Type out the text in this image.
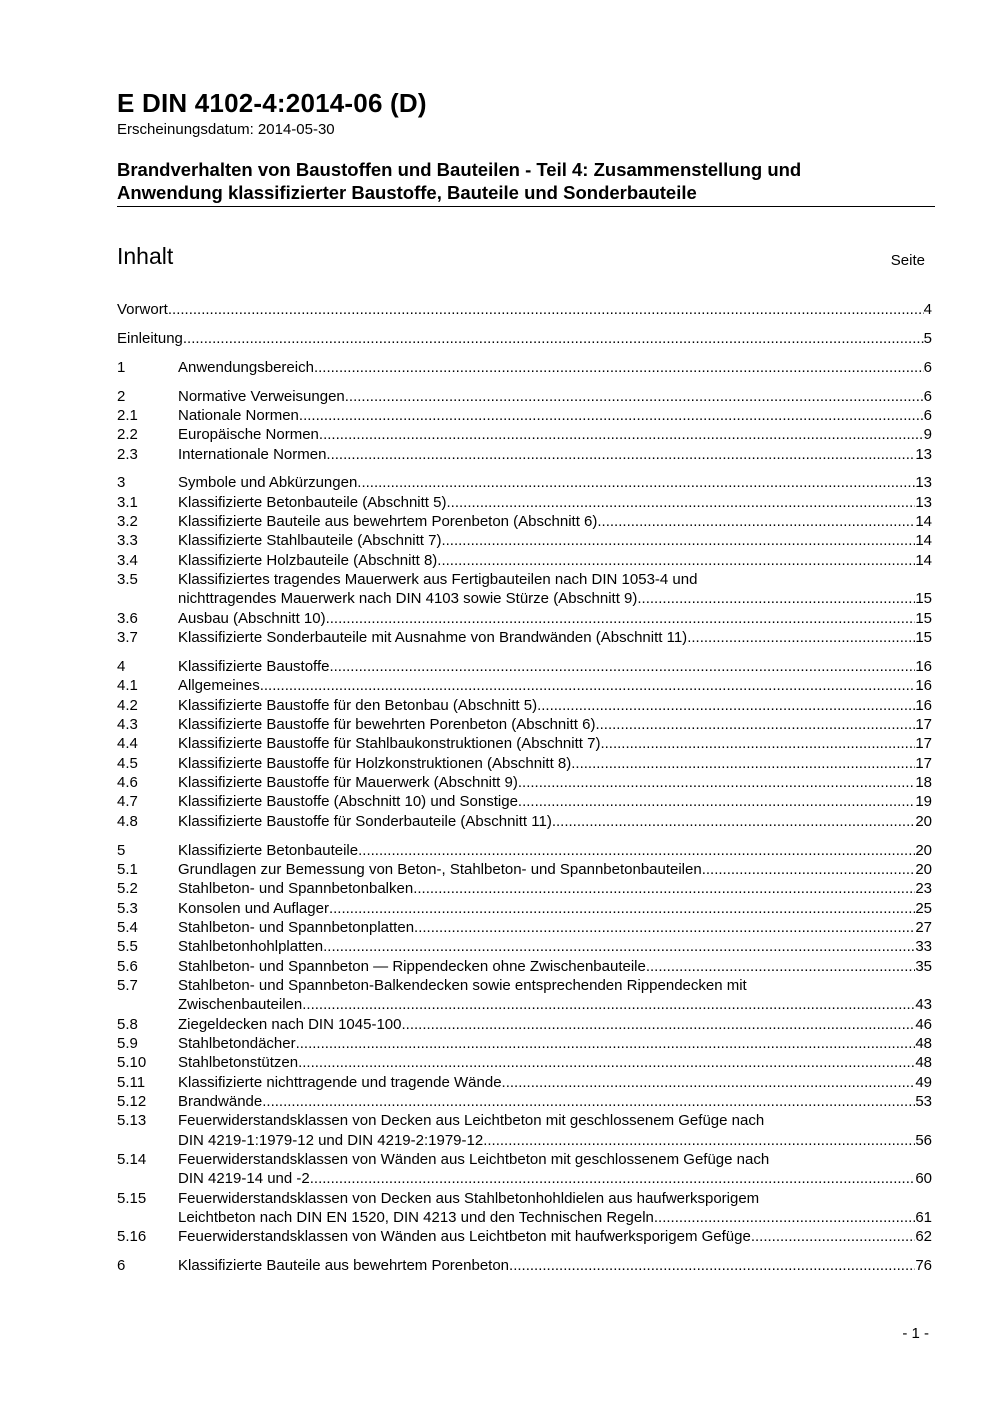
E DIN 4102-4:2014-06 (D)
Erscheinungsdatum: 2014-05-30
Brandverhalten von Baustoffen und Bauteilen - Teil 4: Zusammenstellung und
Anwendung klassifizierter Baustoffe, Bauteile und Sonderbauteile
Inhalt	Seite
Vorwort .....	4
Einleitung .....	5
1	Anwendungsbereich .....	6
2	Normative Verweisungen .....	6
2.1	Nationale Normen .....	6
2.2	Europäische Normen .....	9
2.3	Internationale Normen .....	13
3	Symbole und Abkürzungen .....	13
3.1	Klassifizierte Betonbauteile (Abschnitt 5) .....	13
3.2	Klassifizierte Bauteile aus bewehrtem Porenbeton (Abschnitt 6) .....	14
3.3	Klassifizierte Stahlbauteile (Abschnitt 7) .....	14
3.4	Klassifizierte Holzbauteile (Abschnitt 8) .....	14
3.5	Klassifiziertes tragendes Mauerwerk aus Fertigbauteilen nach DIN 1053-4 und
nichttragendes Mauerwerk nach DIN 4103 sowie Stürze (Abschnitt 9) .....	15
3.6	Ausbau (Abschnitt 10) .....	15
3.7	Klassifizierte Sonderbauteile mit Ausnahme von Brandwänden (Abschnitt 11) .....	15
4	Klassifizierte Baustoffe .....	16
4.1	Allgemeines .....	16
4.2	Klassifizierte Baustoffe für den Betonbau (Abschnitt 5) .....	16
4.3	Klassifizierte Baustoffe für bewehrten Porenbeton (Abschnitt 6) .....	17
4.4	Klassifizierte Baustoffe für Stahlbaukonstruktionen (Abschnitt 7) .....	17
4.5	Klassifizierte Baustoffe für Holzkonstruktionen (Abschnitt 8) .....	17
4.6	Klassifizierte Baustoffe für Mauerwerk (Abschnitt 9) .....	18
4.7	Klassifizierte Baustoffe (Abschnitt 10) und Sonstige .....	19
4.8	Klassifizierte Baustoffe für Sonderbauteile (Abschnitt 11) .....	20
5	Klassifizierte Betonbauteile .....	20
5.1	Grundlagen zur Bemessung von Beton-, Stahlbeton- und Spannbetonbauteilen .....	20
5.2	Stahlbeton- und Spannbetonbalken .....	23
5.3	Konsolen und Auflager .....	25
5.4	Stahlbeton- und Spannbetonplatten .....	27
5.5	Stahlbetonhohlplatten .....	33
5.6	Stahlbeton- und Spannbeton — Rippendecken ohne Zwischenbauteile .....	35
5.7	Stahlbeton- und Spannbeton-Balkendecken sowie entsprechenden Rippendecken mit
Zwischenbauteilen .....	43
5.8	Ziegeldecken nach DIN 1045-100 .....	46
5.9	Stahlbetondächer .....	48
5.10	Stahlbetonstützen .....	48
5.11	Klassifizierte nichttragende und tragende Wände .....	49
5.12	Brandwände .....	53
5.13	Feuerwiderstandsklassen von Decken aus Leichtbeton mit geschlossenem Gefüge nach
DIN 4219-1:1979-12 und DIN 4219-2:1979-12 .....	56
5.14	Feuerwiderstandsklassen von Wänden aus Leichtbeton mit geschlossenem Gefüge nach
DIN 4219-14 und -2 .....	60
5.15	Feuerwiderstandsklassen von Decken aus Stahlbetonhohldielen aus haufwerksporigem
Leichtbeton nach DIN EN 1520, DIN 4213 und den Technischen Regeln .....	61
5.16	Feuerwiderstandsklassen von Wänden aus Leichtbeton mit haufwerksporigem Gefüge .....	62
6	Klassifizierte Bauteile aus bewehrtem Porenbeton .....	76
- 1 -
